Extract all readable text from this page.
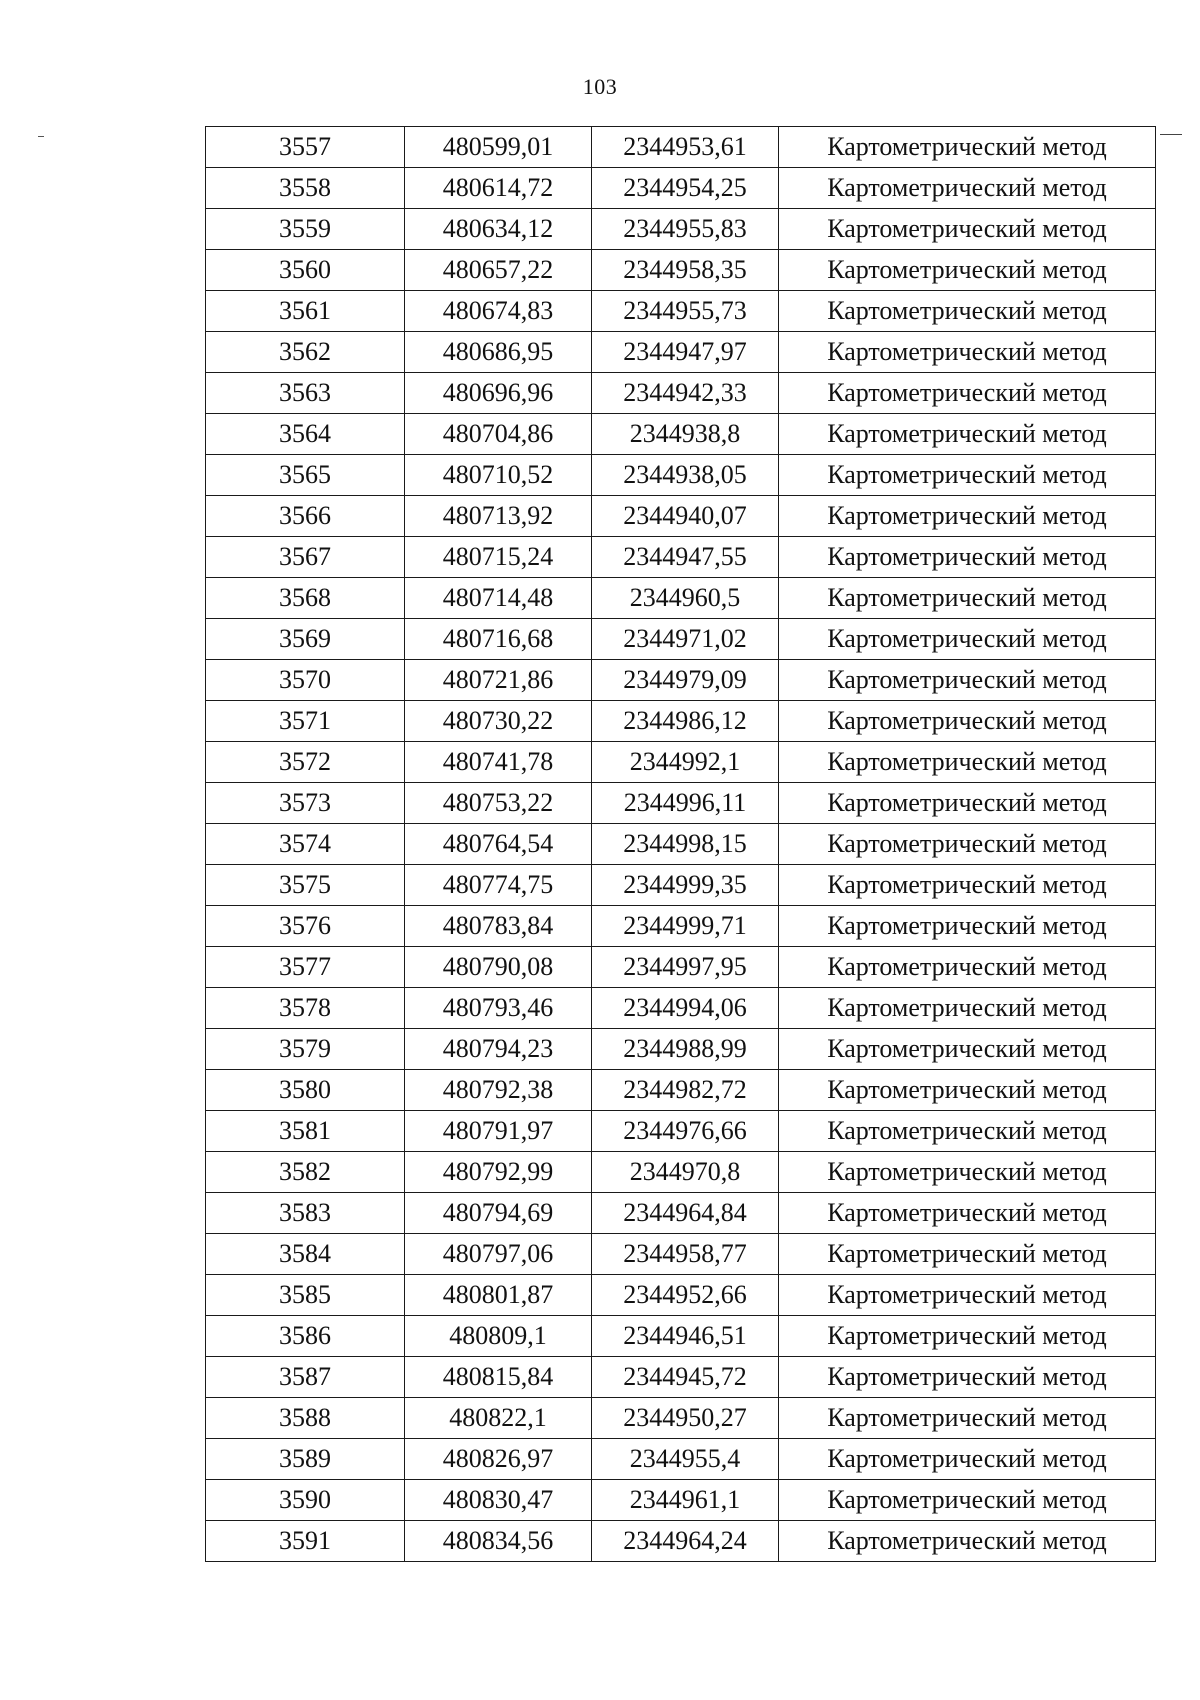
103
3557	480599,01	2344953,61	Картометрический метод
3558	480614,72	2344954,25	Картометрический метод
3559	480634,12	2344955,83	Картометрический метод
3560	480657,22	2344958,35	Картометрический метод
3561	480674,83	2344955,73	Картометрический метод
3562	480686,95	2344947,97	Картометрический метод
3563	480696,96	2344942,33	Картометрический метод
3564	480704,86	2344938,8	Картометрический метод
3565	480710,52	2344938,05	Картометрический метод
3566	480713,92	2344940,07	Картометрический метод
3567	480715,24	2344947,55	Картометрический метод
3568	480714,48	2344960,5	Картометрический метод
3569	480716,68	2344971,02	Картометрический метод
3570	480721,86	2344979,09	Картометрический метод
3571	480730,22	2344986,12	Картометрический метод
3572	480741,78	2344992,1	Картометрический метод
3573	480753,22	2344996,11	Картометрический метод
3574	480764,54	2344998,15	Картометрический метод
3575	480774,75	2344999,35	Картометрический метод
3576	480783,84	2344999,71	Картометрический метод
3577	480790,08	2344997,95	Картометрический метод
3578	480793,46	2344994,06	Картометрический метод
3579	480794,23	2344988,99	Картометрический метод
3580	480792,38	2344982,72	Картометрический метод
3581	480791,97	2344976,66	Картометрический метод
3582	480792,99	2344970,8	Картометрический метод
3583	480794,69	2344964,84	Картометрический метод
3584	480797,06	2344958,77	Картометрический метод
3585	480801,87	2344952,66	Картометрический метод
3586	480809,1	2344946,51	Картометрический метод
3587	480815,84	2344945,72	Картометрический метод
3588	480822,1	2344950,27	Картометрический метод
3589	480826,97	2344955,4	Картометрический метод
3590	480830,47	2344961,1	Картометрический метод
3591	480834,56	2344964,24	Картометрический метод
